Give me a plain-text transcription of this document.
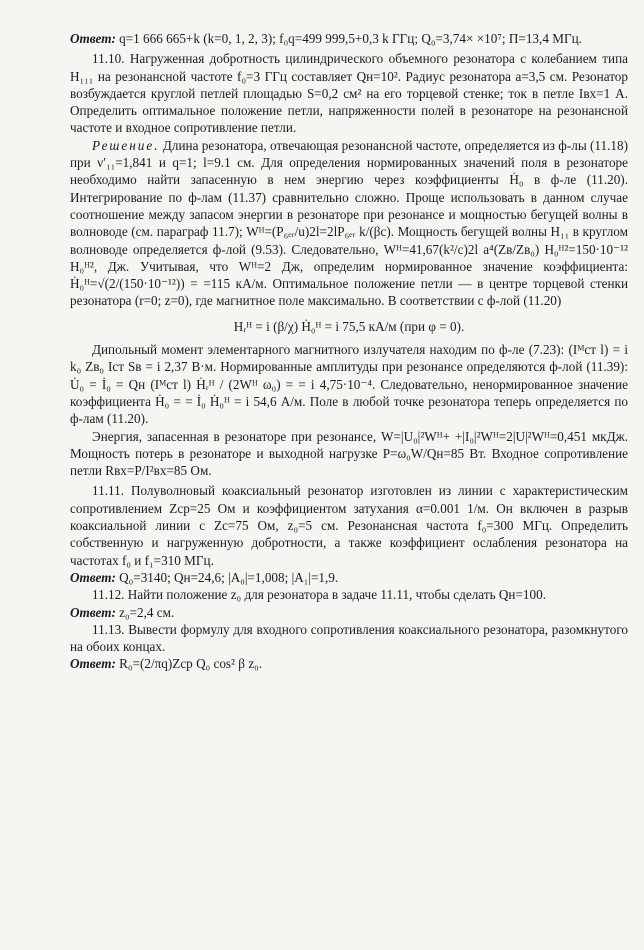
Ответ: q=1 666 665+k (k=0, 1, 2, 3); f₀q=499 999,5+0,3 k ГГц; Q₀=3,74× ×10⁷; П=13,4 МГц.

11.10. Нагруженная добротность цилиндрического объемного резонатора с колебанием типа H₁₁₁ на резонансной частоте f₀=3 ГГц составляет Qн=10². Радиус резонатора a=3,5 см. Резонатор возбуждается круглой петлей площадью S=0,2 см² на его торцевой стенке; ток в петле Iвх=1 А. Определить оптимальное положение петли, напряженности полей в резонаторе на резонансной частоте и входное сопротивление петли.

Решение. Длина резонатора, отвечающая резонансной частоте, определяется из ф-лы (11.18) при ν′₁₁=1,841 и q=1; l=9.1 см. Для определения нормированных значений поля в резонаторе необходимо найти запасенную в нем энергию через коэффициенты Ḣ₀ в ф-ле (11.20). Интегрирование по ф-лам (11.37) сравнительно сложно. Проще использовать в данном случае соотношение между запасом энергии в резонаторе при резонансе и мощностью бегущей волны в волноводе (см. параграф 11.7); Wᴴ=(P₆ₑᵣ/u)2l=2lP₆ₑᵣ k/(βc). Мощность бегущей волны H₁₁ в круглом волноводе определяется ф-лой (9.53). Следовательно, Wᴴ=41,67(k²/c)2l a⁴(Zв/Zв₀) H₀ᴴ²=150·10⁻¹² H₀ᴴ², Дж. Учитывая, что Wᴴ=2 Дж, определим нормированное значение коэффициента: Ḣ₀ᴴ=√(2/(150·10⁻¹²)) = =115 кА/м. Оптимальное положение петли — в центре торцевой стенки резонатора (r=0; z=0), где магнитное поле максимально. В соответствии с ф-лой (11.20)

Hᵣᴴ = i (β/χ) Ḣ₀ᴴ = i 75,5 кА/м (при φ = 0).

Дипольный момент элементарного магнитного излучателя находим по ф-ле (7.23): (Iᴹст l) = i k₀ Zв₀ Iст Sв = i 2,37 В·м. Нормированные амплитуды при резонансе определяются ф-лой (11.39): U̇₀ = İ₀ = Qн (Iᴹст l) Ḣᵣᴴ / (2Wᴴ ω₀) = = i 4,75·10⁻⁴. Следовательно, ненормированное значение коэффициента Ḣ₀ = = İ₀ Ḣ₀ᴴ = i 54,6 А/м. Поле в любой точке резонатора теперь определяется по ф-лам (11.20).

Энергия, запасенная в резонаторе при резонансе, W=|U₀|²Wᴴ+ +|I₀|²Wᴴ=2|U|²Wᴴ=0,451 мкДж. Мощность потерь в резонаторе и выходной нагрузке P=ω₀W/Qн=85 Вт. Входное сопротивление петли Rвх=P/I²вх=85 Ом.

11.11. Полуволновый коаксиальный резонатор изготовлен из линии с характеристическим сопротивлением Zср=25 Ом и коэффициентом затухания α=0.001 1/м. Он включен в разрыв коаксиальной линии с Zс=75 Ом, z₀=5 см. Резонансная частота f₀=300 МГц. Определить собственную и нагруженную добротности, а также коэффициент ослабления резонатора на частотах f₀ и f₁=310 МГц.

Ответ: Q₀=3140; Qн=24,6; |A₀|=1,008; |A₁|=1,9.

11.12. Найти положение z₀ для резонатора в задаче 11.11, чтобы сделать Qн=100.

Ответ: z₀=2,4 см.

11.13. Вывести формулу для входного сопротивления коаксиального резонатора, разомкнутого на обоих концах.

Ответ: R₀=(2/πq)Zср Q₀ cos² β z₀.
